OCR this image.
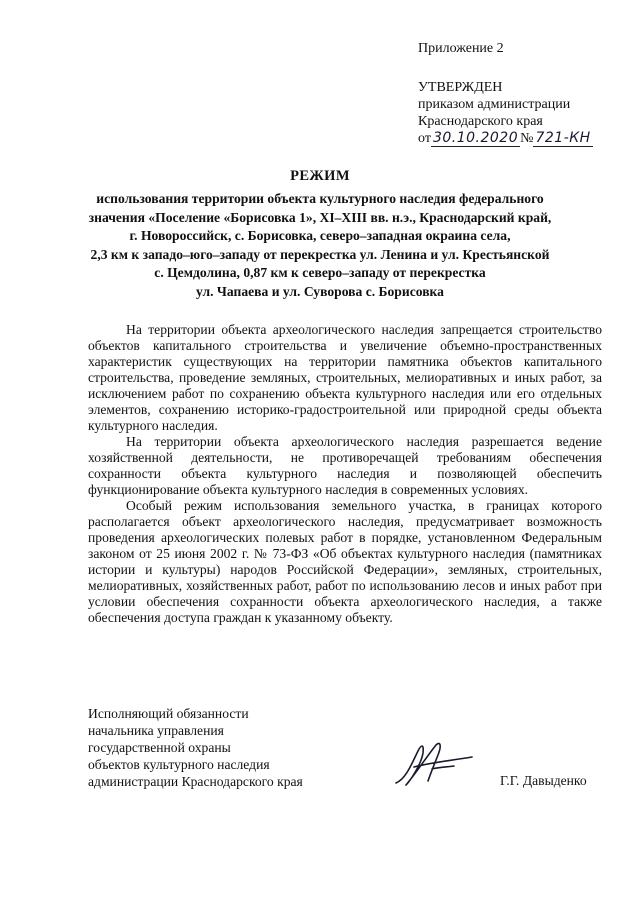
Приложение 2
УТВЕРЖДЕН
приказом администрации
Краснодарского края
от 30.10.2020 № 721-КН
РЕЖИМ
использования территории объекта культурного наследия федерального
значения «Поселение «Борисовка 1», XI–XIII вв. н.э., Краснодарский край,
г. Новороссийск, с. Борисовка, северо–западная окраина села,
2,3 км к западо–юго–западу от перекрестка ул. Ленина и ул. Крестьянской
с. Цемдолина, 0,87 км к северо–западу от перекрестка
ул. Чапаева и ул. Суворова с. Борисовка

На территории объекта археологического наследия запрещается строительство объектов капитального строительства и увеличение объемно-пространственных характеристик существующих на территории памятника объектов капитального строительства, проведение земляных, строительных, мелиоративных и иных работ, за исключением работ по сохранению объекта культурного наследия или его отдельных элементов, сохранению историко-градостроительной или природной среды объекта культурного наследия.

На территории объекта археологического наследия разрешается ведение хозяйственной деятельности, не противоречащей требованиям обеспечения сохранности объекта культурного наследия и позволяющей обеспечить функционирование объекта культурного наследия в современных условиях.

Особый режим использования земельного участка, в границах которого располагается объект археологического наследия, предусматривает возможность проведения археологических полевых работ в порядке, установленном Федеральным законом от 25 июня 2002 г. № 73-ФЗ «Об объектах культурного наследия (памятниках истории и культуры) народов Российской Федерации», земляных, строительных, мелиоративных, хозяйственных работ, работ по использованию лесов и иных работ при условии обеспечения сохранности объекта археологического наследия, а также обеспечения доступа граждан к указанному объекту.

Исполняющий обязанности
начальника управления
государственной охраны
объектов культурного наследия
администрации Краснодарского края	Г.Г. Давыденко
